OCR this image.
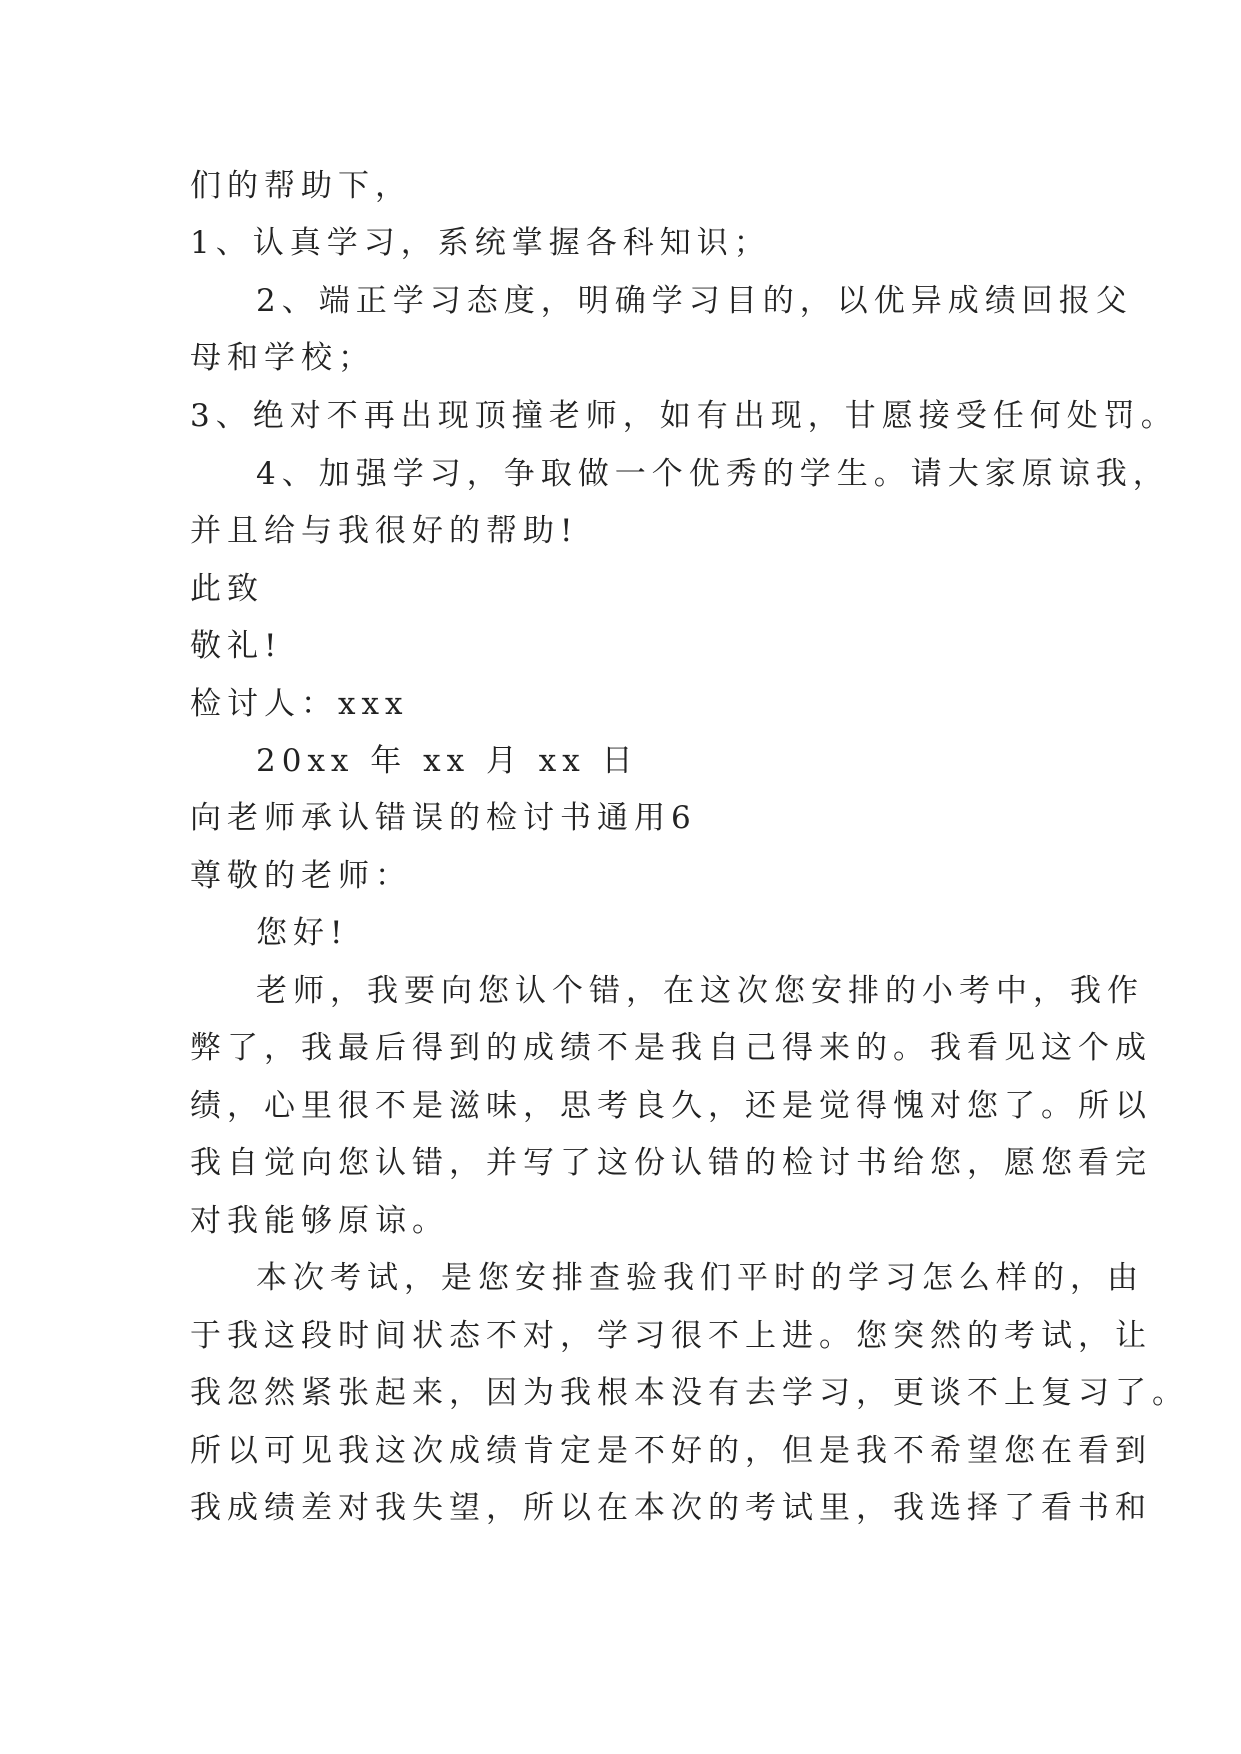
们的帮助下，
1、认真学习，系统掌握各科知识；
2、端正学习态度，明确学习目的，以优异成绩回报父
母和学校；
3、绝对不再出现顶撞老师，如有出现，甘愿接受任何处罚。
4、加强学习，争取做一个优秀的学生。请大家原谅我，
并且给与我很好的帮助!
此致
敬礼!
检讨人：xxx
20xx 年 xx 月 xx 日
向老师承认错误的检讨书通用6
尊敬的老师：
您好!
老师，我要向您认个错，在这次您安排的小考中，我作
弊了，我最后得到的成绩不是我自己得来的。我看见这个成
绩，心里很不是滋味，思考良久，还是觉得愧对您了。所以
我自觉向您认错，并写了这份认错的检讨书给您，愿您看完
对我能够原谅。
本次考试，是您安排查验我们平时的学习怎么样的，由
于我这段时间状态不对，学习很不上进。您突然的考试，让
我忽然紧张起来，因为我根本没有去学习，更谈不上复习了。
所以可见我这次成绩肯定是不好的，但是我不希望您在看到
我成绩差对我失望，所以在本次的考试里，我选择了看书和
